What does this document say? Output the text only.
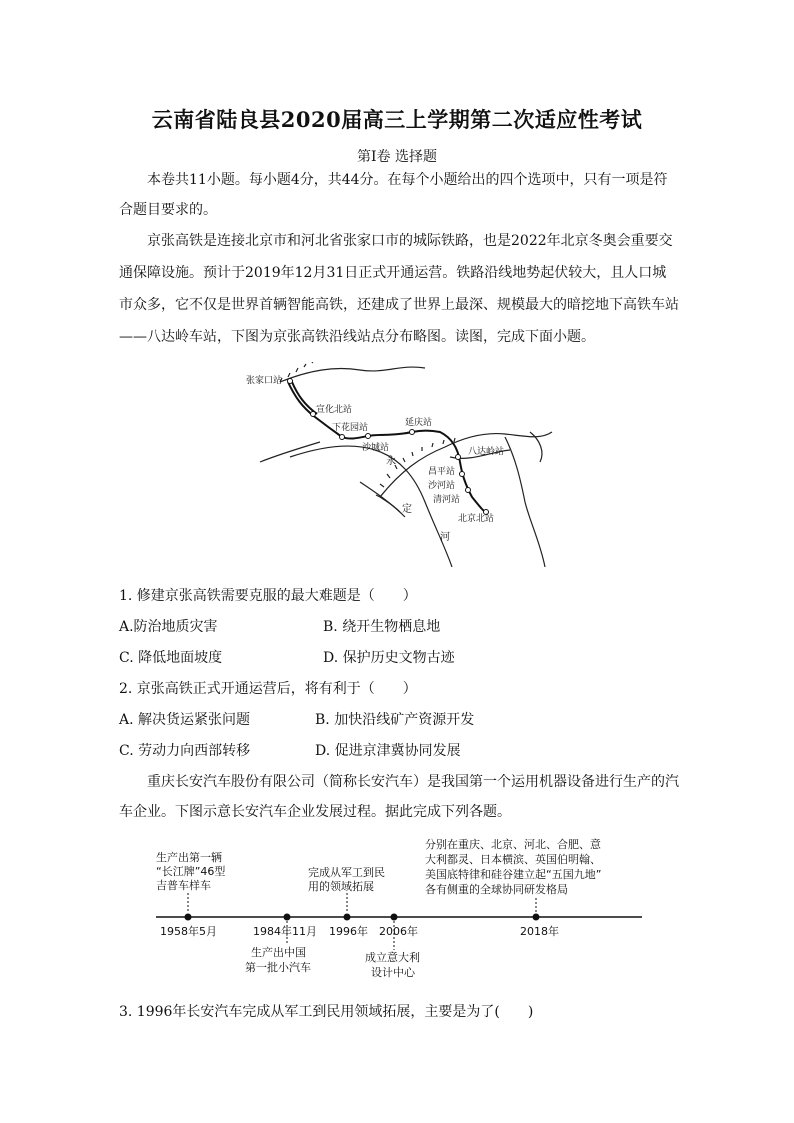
云南省陆良县2020届高三上学期第二次适应性考试
第Ⅰ卷 选择题

本卷共11小题。每小题4分，共44分。在每个小题给出的四个选项中，只有一项是符合题目要求的。

京张高铁是连接北京市和河北省张家口市的城际铁路，也是2022年北京冬奥会重要交通保障设施。预计于2019年12月31日正式开通运营。铁路沿线地势起伏较大，且人口城市众多，它不仅是世界首辆智能高铁，还建成了世界上最深、规模最大的暗挖地下高铁车站——八达岭车站，下图为京张高铁沿线站点分布略图。读图，完成下面小题。

张家口站
宣化北站
下花园站
沙城站
延庆站
八达岭站
昌平站
沙河站
清河站
北京北站
永
定
河
1. 修建京张高铁需要克服的最大难题是（　　）
A.防治地质灾害	B. 绕开生物栖息地
C. 降低地面坡度	D. 保护历史文物古迹
2. 京张高铁正式开通运营后，将有利于（　　）
A. 解决货运紧张问题	B. 加快沿线矿产资源开发
C. 劳动力向西部转移	D. 促进京津冀协同发展

重庆长安汽车股份有限公司（简称长安汽车）是我国第一个运用机器设备进行生产的汽车企业。下图示意长安汽车企业发展过程。据此完成下列各题。

生产出第一辆
“长江牌”46型
吉普车样车
1958年5月	1984年11月
生产出中国
第一批小汽车
完成从军工到民
用的领域拓展
1996年 2006年
成立意大利
设计中心
分别在重庆、北京、河北、合肥、意
大利都灵、日本横滨、英国伯明翰、
美国底特律和硅谷建立起“五国九地”
各有侧重的全球协同研发格局
2018年
3. 1996年长安汽车完成从军工到民用领域拓展，主要是为了(　　)
